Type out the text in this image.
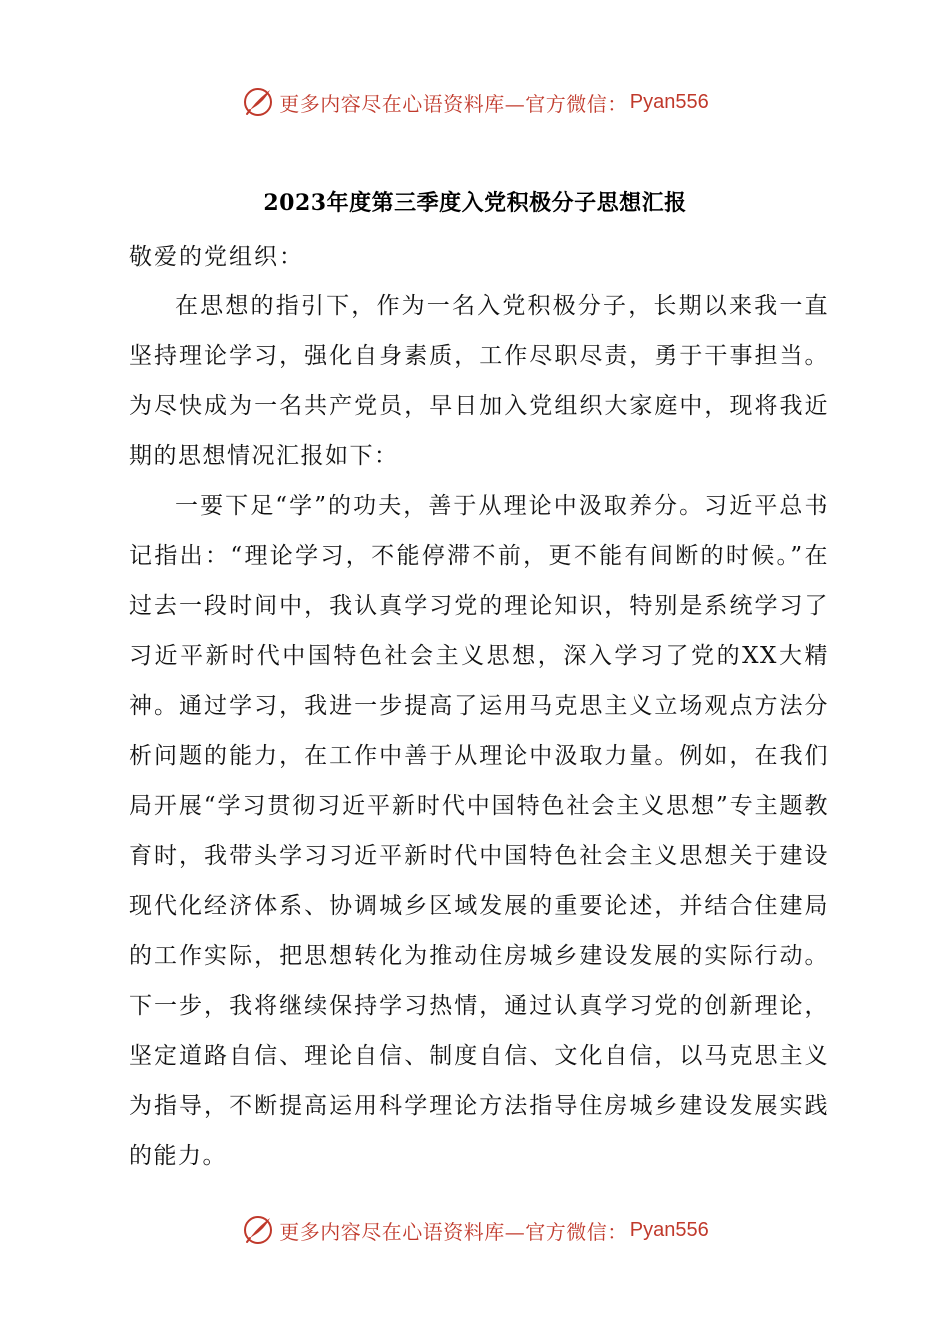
更多内容尽在心语资料库—官方微信： Pyan556
2023年度第三季度入党积极分子思想汇报
敬爱的党组织：

在思想的指引下，作为一名入党积极分子，长期以来我一直坚持理论学习，强化自身素质，工作尽职尽责，勇于干事担当。为尽快成为一名共产党员，早日加入党组织大家庭中，现将我近期的思想情况汇报如下：

一要下足“学”的功夫，善于从理论中汲取养分。习近平总书记指出：“理论学习，不能停滞不前，更不能有间断的时候。”在过去一段时间中，我认真学习党的理论知识，特别是系统学习了习近平新时代中国特色社会主义思想，深入学习了党的XX大精神。通过学习，我进一步提高了运用马克思主义立场观点方法分析问题的能力，在工作中善于从理论中汲取力量。例如，在我们局开展“学习贯彻习近平新时代中国特色社会主义思想”专主题教育时，我带头学习习近平新时代中国特色社会主义思想关于建设现代化经济体系、协调城乡区域发展的重要论述，并结合住建局的工作实际，把思想转化为推动住房城乡建设发展的实际行动。下一步，我将继续保持学习热情，通过认真学习党的创新理论，坚定道路自信、理论自信、制度自信、文化自信，以马克思主义为指导，不断提高运用科学理论方法指导住房城乡建设发展实践的能力。

更多内容尽在心语资料库—官方微信： Pyan556
